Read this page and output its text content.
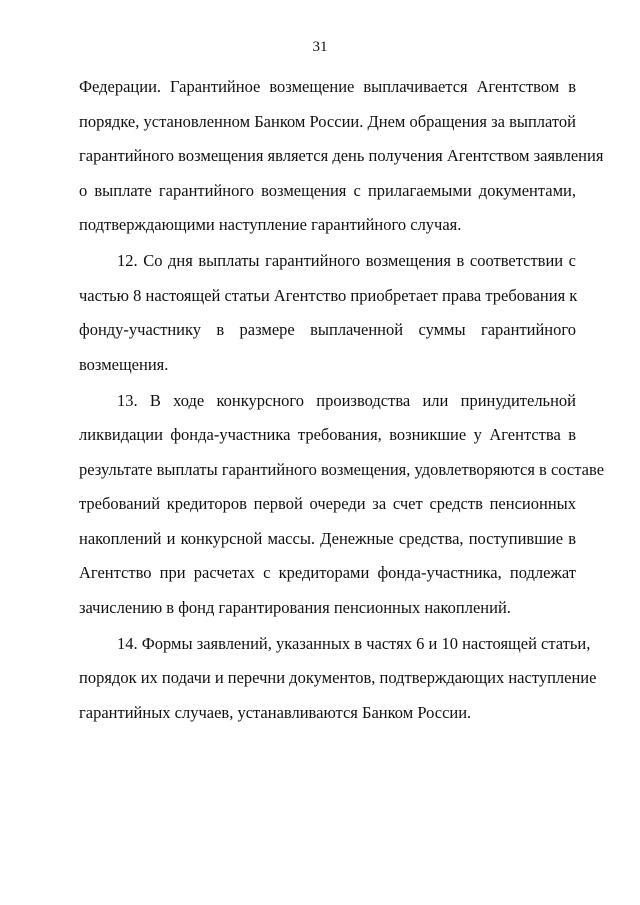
31
Федерации. Гарантийное возмещение выплачивается Агентством в
порядке, установленном Банком России. Днем обращения за выплатой
гарантийного возмещения является день получения Агентством заявления
о выплате гарантийного возмещения с прилагаемыми документами,
подтверждающими наступление гарантийного случая.
12. Со дня выплаты гарантийного возмещения в соответствии с
частью 8 настоящей статьи Агентство приобретает права требования к
фонду-участнику в размере выплаченной суммы гарантийного
возмещения.
13. В ходе конкурсного производства или принудительной
ликвидации фонда-участника требования, возникшие у Агентства в
результате выплаты гарантийного возмещения, удовлетворяются в составе
требований кредиторов первой очереди за счет средств пенсионных
накоплений и конкурсной массы. Денежные средства, поступившие в
Агентство при расчетах с кредиторами фонда-участника, подлежат
зачислению в фонд гарантирования пенсионных накоплений.
14. Формы заявлений, указанных в частях 6 и 10 настоящей статьи,
порядок их подачи и перечни документов, подтверждающих наступление
гарантийных случаев, устанавливаются Банком России.
